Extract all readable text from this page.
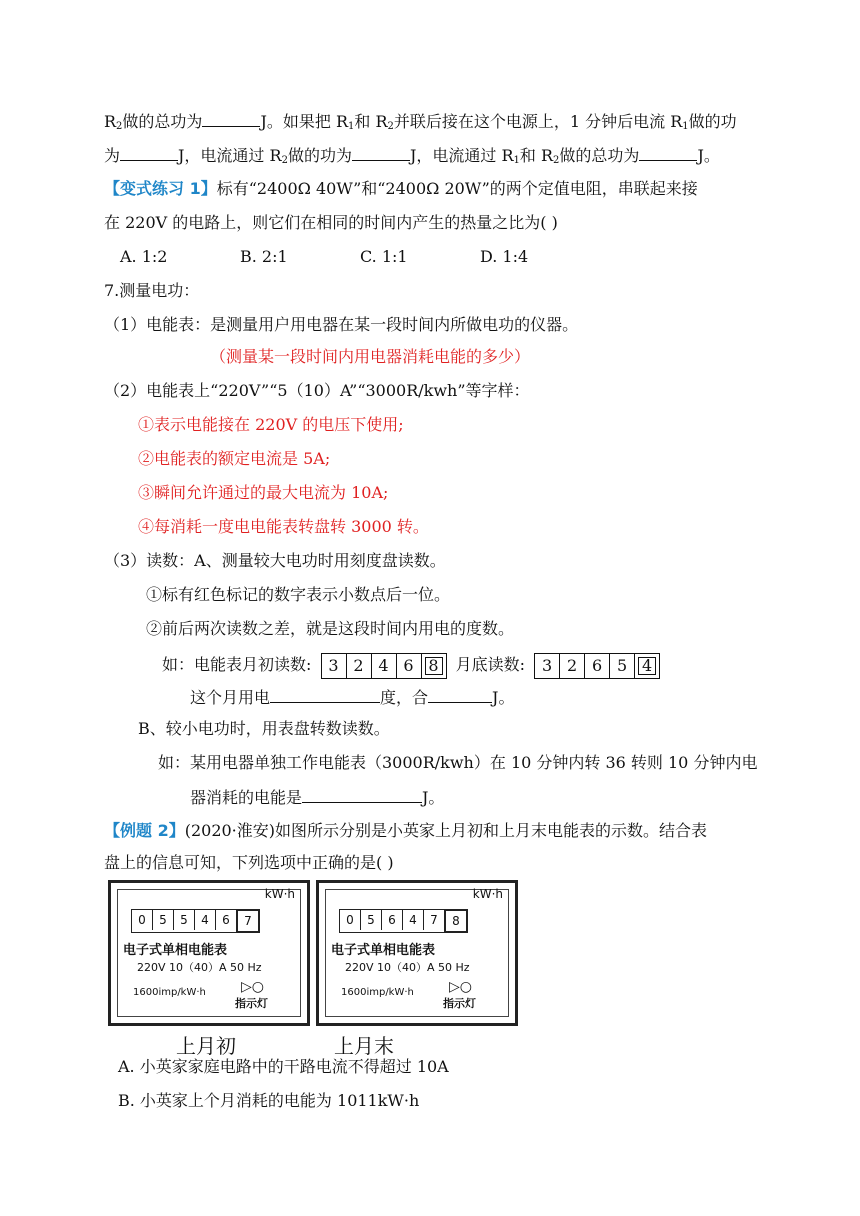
$R_2$做的总功为	J。如果把 $R_1$和 $R_2$并联后接在这个电源上，1 分钟后电流 $R_1$做的功
为	J，电流通过 $R_2$做的功为	J，电流通过 $R_1$和 $R_2$做的总功为	J。
【变式练习 1】标有“2400Ω 40W”和“2400Ω 20W”的两个定值电阻，串联起来接
在 220V 的电路上，则它们在相同的时间内产生的热量之比为( )
A. 1:2	B. 2:1	C. 1:1	D. 1:4
7.测量电功：
（1）电能表：是测量用户用电器在某一段时间内所做电功的仪器。
（测量某一段时间内用电器消耗电能的多少）
（2）电能表上“220V”“5（10）A”“3000R/kwh”等字样：
①表示电能接在 220V 的电压下使用;
②电能表的额定电流是 5A;
③瞬间允许通过的最大电流为 10A;
④每消耗一度电电能表转盘转 3000 转。
（3）读数：A、测量较大电功时用刻度盘读数。
①标有红色标记的数字表示小数点后一位。
②前后两次读数之差，就是这段时间内用电的度数。
如：电能表月初读数:	3 2 4 6 8	月底读数:	3 2 6 5 4
这个月用电	度，合	J。
B、较小电功时，用表盘转数读数。
如：某用电器单独工作电能表（3000R/kwh）在 10 分钟内转 36 转则 10 分钟内电
器消耗的电能是	J。
【例题 2】(2020·淮安)如图所示分别是小英家上月初和上月末电能表的示数。结合表
盘上的信息可知，下列选项中正确的是( )
kW·h
0	5	5	4	6	7
电子式单相电能表
220V 10（40）A 50 Hz
1600imp/kW·h	▷○
指示灯
kW·h
0	5	6	4	7	8
电子式单相电能表
220V 10（40）A 50 Hz
1600imp/kW·h	▷○
指示灯
上月初	上月末
A. 小英家家庭电路中的干路电流不得超过 10A
B. 小英家上个月消耗的电能为 1011kW·h
